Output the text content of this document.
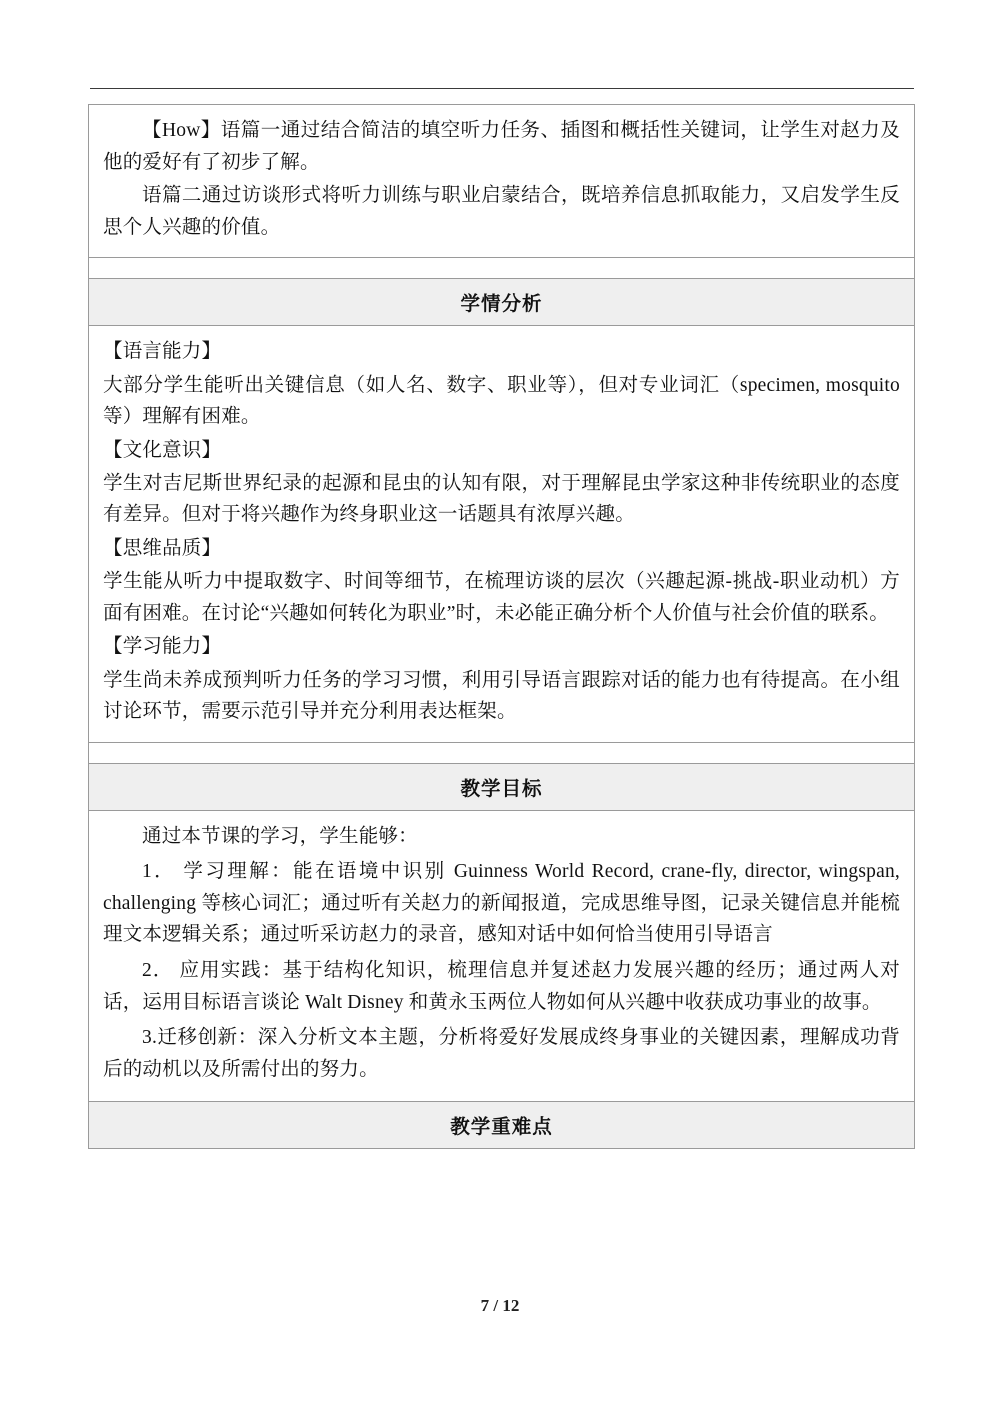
【How】语篇一通过结合简洁的填空听力任务、插图和概括性关键词，让学生对赵力及他的爱好有了初步了解。

语篇二通过访谈形式将听力训练与职业启蒙结合，既培养信息抓取能力，又启发学生反思个人兴趣的价值。

学情分析

【语言能力】

大部分学生能听出关键信息（如人名、数字、职业等），但对专业词汇（specimen, mosquito 等）理解有困难。

【文化意识】

学生对吉尼斯世界纪录的起源和昆虫的认知有限，对于理解昆虫学家这种非传统职业的态度有差异。但对于将兴趣作为终身职业这一话题具有浓厚兴趣。

【思维品质】

学生能从听力中提取数字、时间等细节，在梳理访谈的层次（兴趣起源-挑战-职业动机）方面有困难。在讨论“兴趣如何转化为职业”时，未必能正确分析个人价值与社会价值的联系。

【学习能力】

学生尚未养成预判听力任务的学习习惯，利用引导语言跟踪对话的能力也有待提高。在小组讨论环节，需要示范引导并充分利用表达框架。

教学目标

通过本节课的学习，学生能够：

1． 学习理解：能在语境中识别 Guinness World Record, crane-fly, director, wingspan, challenging 等核心词汇；通过听有关赵力的新闻报道，完成思维导图，记录关键信息并能梳理文本逻辑关系；通过听采访赵力的录音，感知对话中如何恰当使用引导语言

2． 应用实践：基于结构化知识，梳理信息并复述赵力发展兴趣的经历；通过两人对话，运用目标语言谈论 Walt Disney 和黄永玉两位人物如何从兴趣中收获成功事业的故事。

3.迁移创新：深入分析文本主题，分析将爱好发展成终身事业的关键因素，理解成功背后的动机以及所需付出的努力。

教学重难点
7 / 12
